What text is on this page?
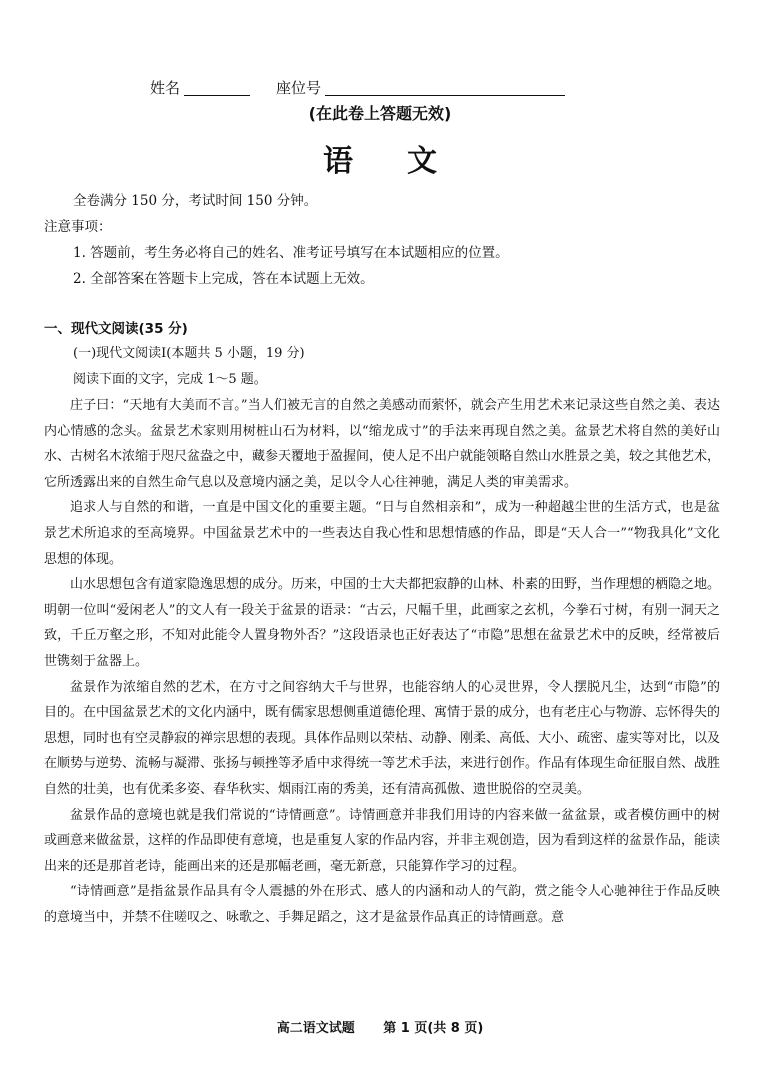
姓名	座位号
(在此卷上答题无效)
语文

全卷满分 150 分，考试时间 150 分钟。

注意事项：

1. 答题前，考生务必将自己的姓名、准考证号填写在本试题相应的位置。

2. 全部答案在答题卡上完成，答在本试题上无效。

一、现代文阅读(35 分)
(一)现代文阅读Ⅰ(本题共 5 小题，19 分)
阅读下面的文字，完成 1～5 题。

庄子曰：“天地有大美而不言。”当人们被无言的自然之美感动而萦怀，就会产生用艺术来记录这些自然之美、表达内心情感的念头。盆景艺术家则用树桩山石为材料，以“缩龙成寸”的手法来再现自然之美。盆景艺术将自然的美好山水、古树名木浓缩于咫尺盆盎之中，藏参天覆地于盈握间，使人足不出户就能领略自然山水胜景之美，较之其他艺术，它所透露出来的自然生命气息以及意境内涵之美，足以令人心往神驰，满足人类的审美需求。

追求人与自然的和谐，一直是中国文化的重要主题。“日与自然相亲和”，成为一种超越尘世的生活方式，也是盆景艺术所追求的至高境界。中国盆景艺术中的一些表达自我心性和思想情感的作品，即是“天人合一”“物我具化”文化思想的体现。

山水思想包含有道家隐逸思想的成分。历来，中国的士大夫都把寂静的山林、朴素的田野，当作理想的栖隐之地。明朝一位叫“爱闲老人”的文人有一段关于盆景的语录：“古云，尺幅千里，此画家之玄机，今拳石寸树，有别一洞天之致，千丘万壑之形，不知对此能令人置身物外否？”这段语录也正好表达了“市隐”思想在盆景艺术中的反映，经常被后世镌刻于盆器上。

盆景作为浓缩自然的艺术，在方寸之间容纳大千与世界，也能容纳人的心灵世界，令人摆脱凡尘，达到“市隐”的目的。在中国盆景艺术的文化内涵中，既有儒家思想侧重道德伦理、寓情于景的成分，也有老庄心与物游、忘怀得失的思想，同时也有空灵静寂的禅宗思想的表现。具体作品则以荣枯、动静、刚柔、高低、大小、疏密、虚实等对比，以及在顺势与逆势、流畅与凝滞、张扬与顿挫等矛盾中求得统一等艺术手法，来进行创作。作品有体现生命征服自然、战胜自然的壮美，也有优柔多姿、春华秋实、烟雨江南的秀美，还有清高孤傲、遗世脱俗的空灵美。

盆景作品的意境也就是我们常说的“诗情画意”。诗情画意并非我们用诗的内容来做一盆盆景，或者模仿画中的树或画意来做盆景，这样的作品即使有意境，也是重复人家的作品内容，并非主观创造，因为看到这样的盆景作品，能读出来的还是那首老诗，能画出来的还是那幅老画，毫无新意，只能算作学习的过程。

“诗情画意”是指盆景作品具有令人震撼的外在形式、感人的内涵和动人的气韵，赏之能令人心驰神往于作品反映的意境当中，并禁不住嗟叹之、咏歌之、手舞足蹈之，这才是盆景作品真正的诗情画意。意

高二语文试题 第 1 页(共 8 页)
